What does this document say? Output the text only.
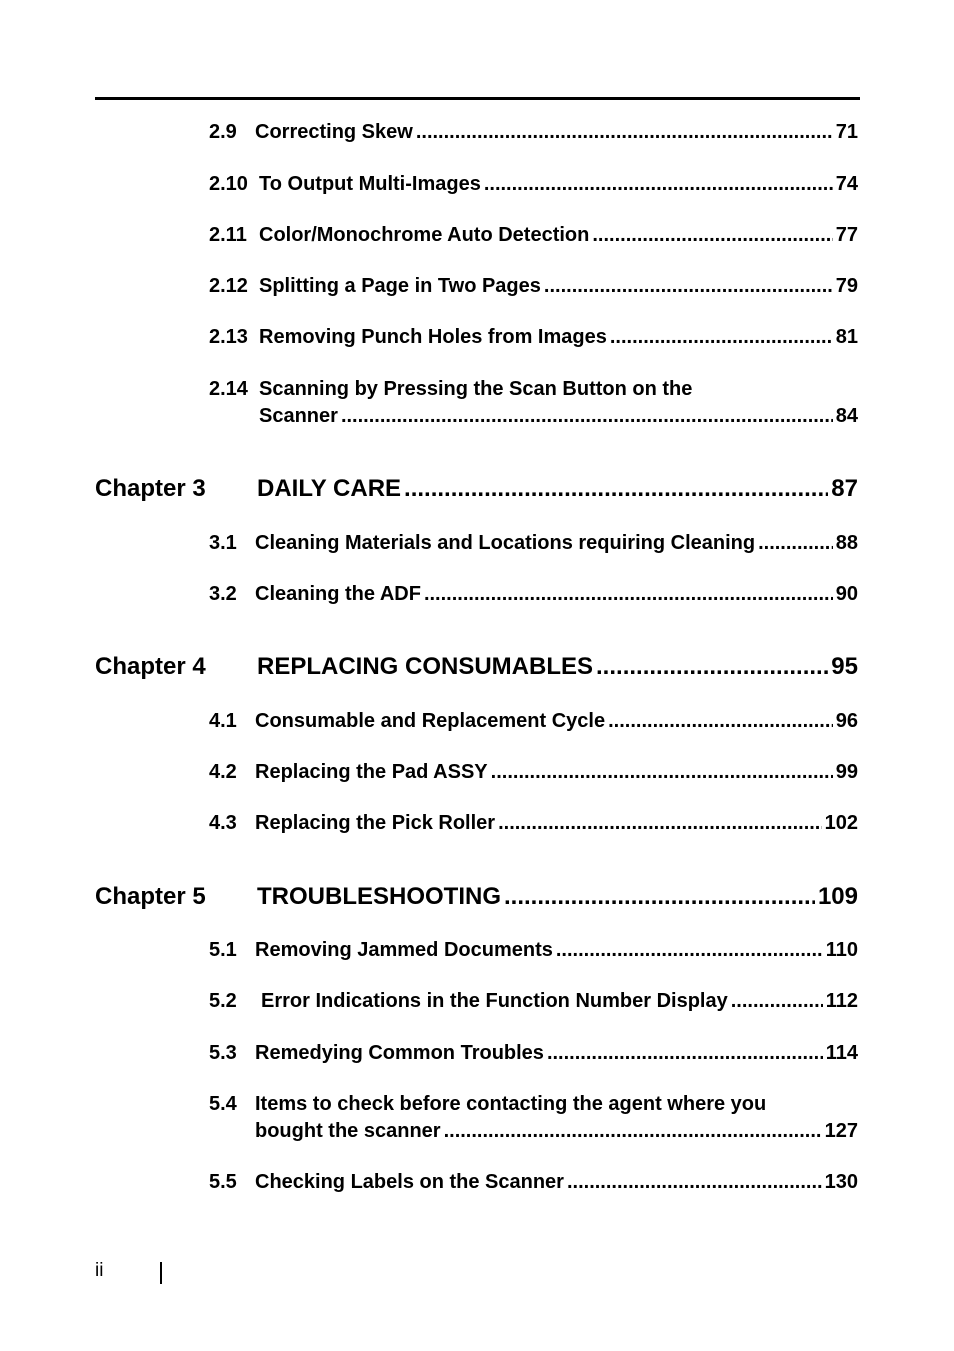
2.9 Correcting Skew .....	71
2.10 To Output Multi-Images .....	74
2.11 Color/Monochrome Auto Detection .....	77
2.12 Splitting a Page in Two Pages .....	79
2.13 Removing Punch Holes from Images .....	81
2.14 Scanning by Pressing the Scan Button on the
Scanner .....	84
Chapter 3	DAILY CARE .....	87
3.1 Cleaning Materials and Locations requiring Cleaning .....	88
3.2 Cleaning the ADF .....	90
Chapter 4	REPLACING CONSUMABLES .....	95
4.1 Consumable and Replacement Cycle .....	96
4.2 Replacing the Pad ASSY .....	99
4.3 Replacing the Pick Roller .....	102
Chapter 5	TROUBLESHOOTING .....	109
5.1 Removing Jammed Documents .....	110
5.2	Error Indications in the Function Number Display .....	112
5.3 Remedying Common Troubles .....	114
5.4 Items to check before contacting the agent where you
bought the scanner .....	127
5.5 Checking Labels on the Scanner .....	130
ii
